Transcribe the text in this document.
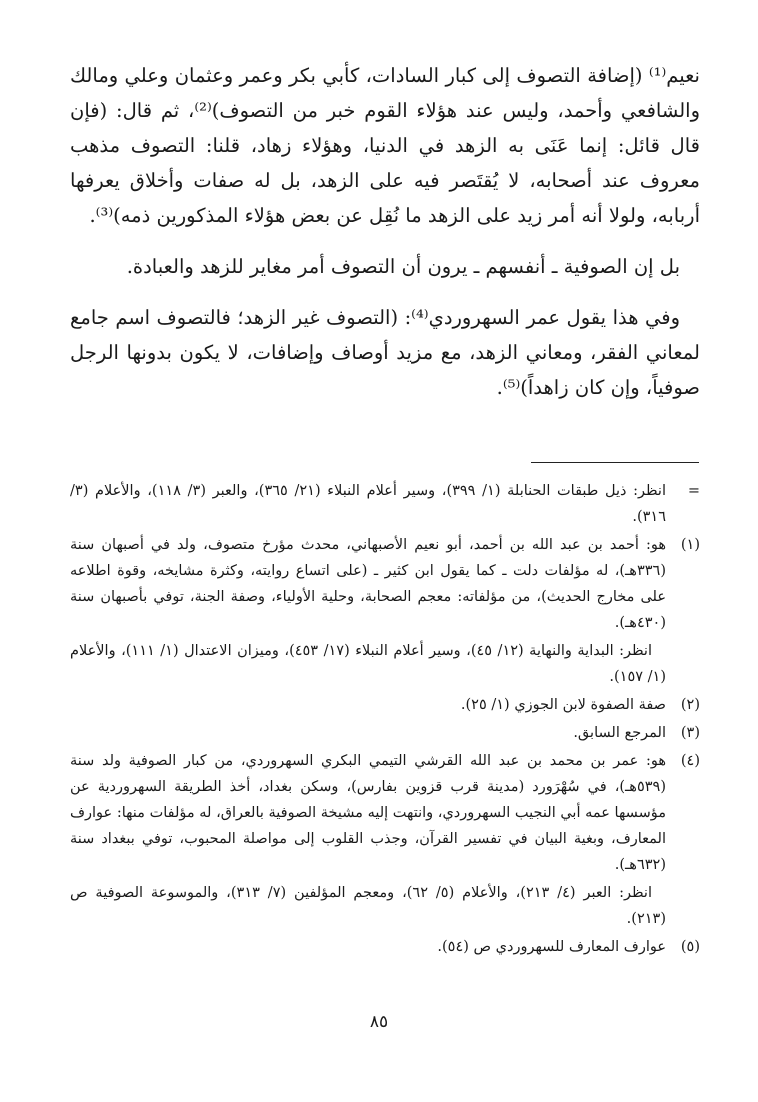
نعيم⁽¹⁾ (إضافة التصوف إلى كبار السادات، كأبي بكر وعمر وعثمان وعلي ومالك والشافعي وأحمد، وليس عند هؤلاء القوم خبر من التصوف)⁽²⁾، ثم قال: (فإن قال قائل: إنما عَنَى به الزهد في الدنيا، وهؤلاء زهاد، قلنا: التصوف مذهب معروف عند أصحابه، لا يُقتَصر فيه على الزهد، بل له صفات وأخلاق يعرفها أربابه، ولولا أنه أمر زيد على الزهد ما نُقِل عن بعض هؤلاء المذكورين ذمه)⁽³⁾.

بل إن الصوفية ـ أنفسهم ـ يرون أن التصوف أمر مغاير للزهد والعبادة.

وفي هذا يقول عمر السهروردي⁽⁴⁾: (التصوف غير الزهد؛ فالتصوف اسم جامع لمعاني الفقر، ومعاني الزهد، مع مزيد أوصاف وإضافات، لا يكون بدونها الرجل صوفياً، وإن كان زاهداً)⁽⁵⁾.

=
انظر: ذيل طبقات الحنابلة (١/ ٣٩٩)، وسير أعلام النبلاء (٢١/ ٣٦٥)، والعبر (٣/ ١١٨)، والأعلام (٣/ ٣١٦).
(١)
هو: أحمد بن عبد الله بن أحمد، أبو نعيم الأصبهاني، محدث مؤرخ متصوف، ولد في أصبهان سنة (٣٣٦هـ)، له مؤلفات دلت ـ كما يقول ابن كثير ـ (على اتساع روايته، وكثرة مشايخه، وقوة اطلاعه على مخارج الحديث)، من مؤلفاته: معجم الصحابة، وحلية الأولياء، وصفة الجنة، توفي بأصبهان سنة (٤٣٠هـ).
انظر: البداية والنهاية (١٢/ ٤٥)، وسير أعلام النبلاء (١٧/ ٤٥٣)، وميزان الاعتدال (١/ ١١١)، والأعلام (١/ ١٥٧).
(٢)
صفة الصفوة لابن الجوزي (١/ ٢٥).
(٣)
المرجع السابق.
(٤)
هو: عمر بن محمد بن عبد الله القرشي التيمي البكري السهروردي، من كبار الصوفية ولد سنة (٥٣٩هـ)، في سُهْرَورد (مدينة قرب قزوين بفارس)، وسكن بغداد، أخذ الطريقة السهروردية عن مؤسسها عمه أبي النجيب السهروردي، وانتهت إليه مشيخة الصوفية بالعراق، له مؤلفات منها: عوارف المعارف، وبغية البيان في تفسير القرآن، وجذب القلوب إلى مواصلة المحبوب، توفي ببغداد سنة (٦٣٢هـ).
انظر: العبر (٤/ ٢١٣)، والأعلام (٥/ ٦٢)، ومعجم المؤلفين (٧/ ٣١٣)، والموسوعة الصوفية ص (٢١٣).
(٥)
عوارف المعارف للسهروردي ص (٥٤).
٨٥
